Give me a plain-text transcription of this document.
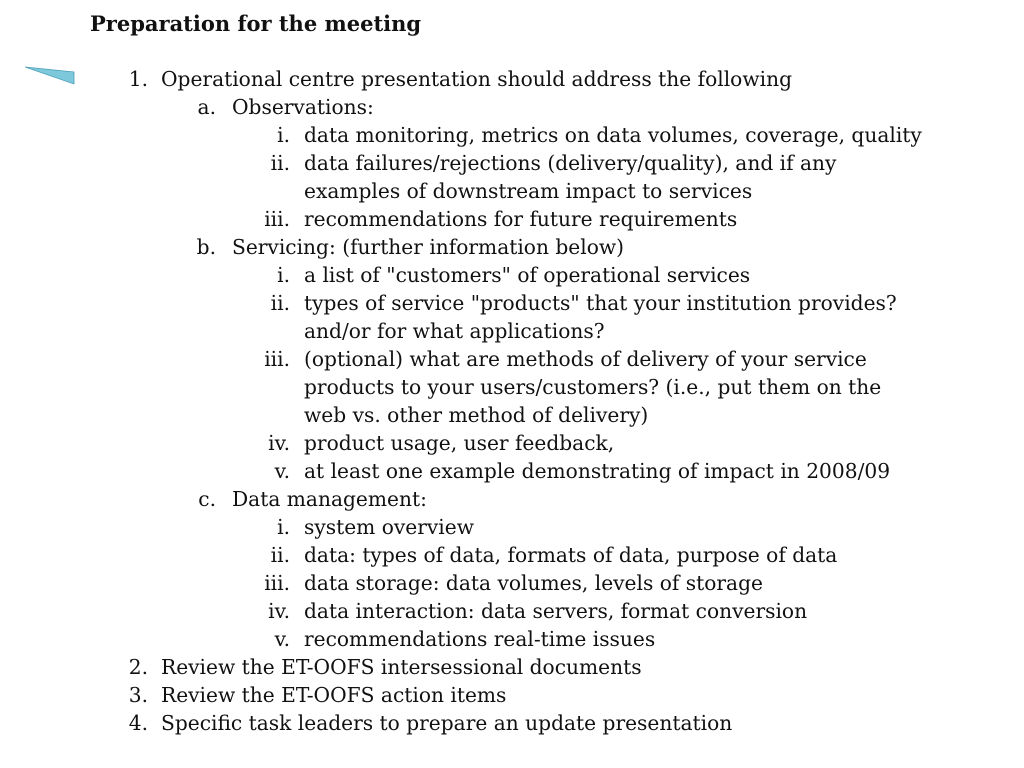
Preparation for the meeting
1. Operational centre presentation should address the following
a. Observations:
i. data monitoring, metrics on data volumes, coverage, quality
ii. data failures/rejections (delivery/quality), and if any
examples of downstream impact to services
iii. recommendations for future requirements
b. Servicing: (further information below)
i. a list of "customers" of operational services
ii. types of service "products" that your institution provides?
and/or for what applications?
iii. (optional) what are methods of delivery of your service
products to your users/customers? (i.e., put them on the
web vs. other method of delivery)
iv. product usage, user feedback,
v. at least one example demonstrating of impact in 2008/09
c. Data management:
i. system overview
ii. data: types of data, formats of data, purpose of data
iii. data storage: data volumes, levels of storage
iv. data interaction: data servers, format conversion
v. recommendations real-time issues
2. Review the ET-OOFS intersessional documents
3. Review the ET-OOFS action items
4. Specific task leaders to prepare an update presentation
